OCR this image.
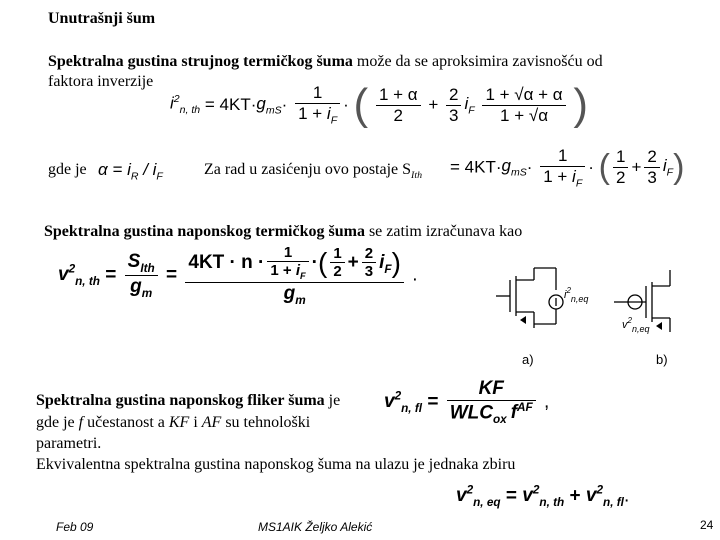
Unutrašnji šum
Spektralna gustina strujnog termičkog šuma može da se aproksimira zavisnošću od
faktora inverzije
$i^2_{n, th} = 4KT\cdot g_{mS}\cdot \frac{1}{1 + i_F}$ · ( $\frac{1 + \alpha}{2} + \frac{2}{3} i_F \frac{1 + √\alpha + \alpha}{1 + √\alpha}$ )
gde je $\alpha = i_R / i_F$	Za rad u zasićenju ovo postaje $S_{Ith} = 4KT\cdot g_{mS}\cdot \frac{1}{1 + i_F}$ · ( $\frac{1}{2} + \frac{2}{3} i_F$)
Spektralna gustina naponskog termičkog šuma se zatim izračunava kao
$v^2_{n, th} = \frac{S_{Ith}}{g_m} = \frac{4KT \cdot n \cdot \frac{1}{1 + i_F} \cdot( \frac{1}{2} + \frac{2}{3} i_F)}{g_m}$ .
$i^2_{n,eq}$
$v^2_{n,eq}$
a)	b)
Spektralna gustina naponskog fliker šuma je $v^2_{n, fl} = \frac{KF}{WLC_{ox} f^{AF}}$ ,
gde je f učestanost a KF i AF su tehnološki
parametri.
Ekvivalentna spektralna gustina naponskog šuma na ulazu je jednaka zbiru
$v^2_{n, eq} = v^2_{n, th} + v^2_{n, fl}$.
Feb 09	MS1AIK Željko Alekić	24
